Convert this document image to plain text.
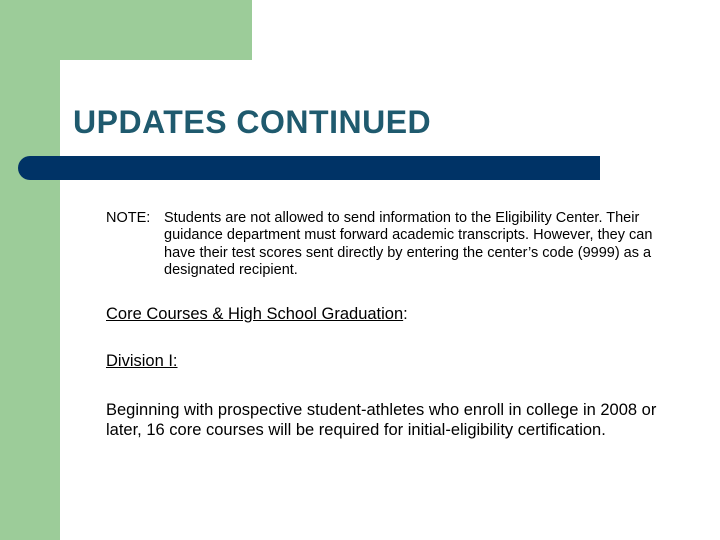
UPDATES CONTINUED
NOTE: Students are not allowed to send information to the Eligibility Center. Their guidance department must forward academic transcripts. However, they can have their test scores sent directly by entering the center’s code (9999) as a designated recipient.
Core Courses & High School Graduation:
Division I:
Beginning with prospective student-athletes who enroll in college in 2008 or later, 16 core courses will be required for initial-eligibility certification.
